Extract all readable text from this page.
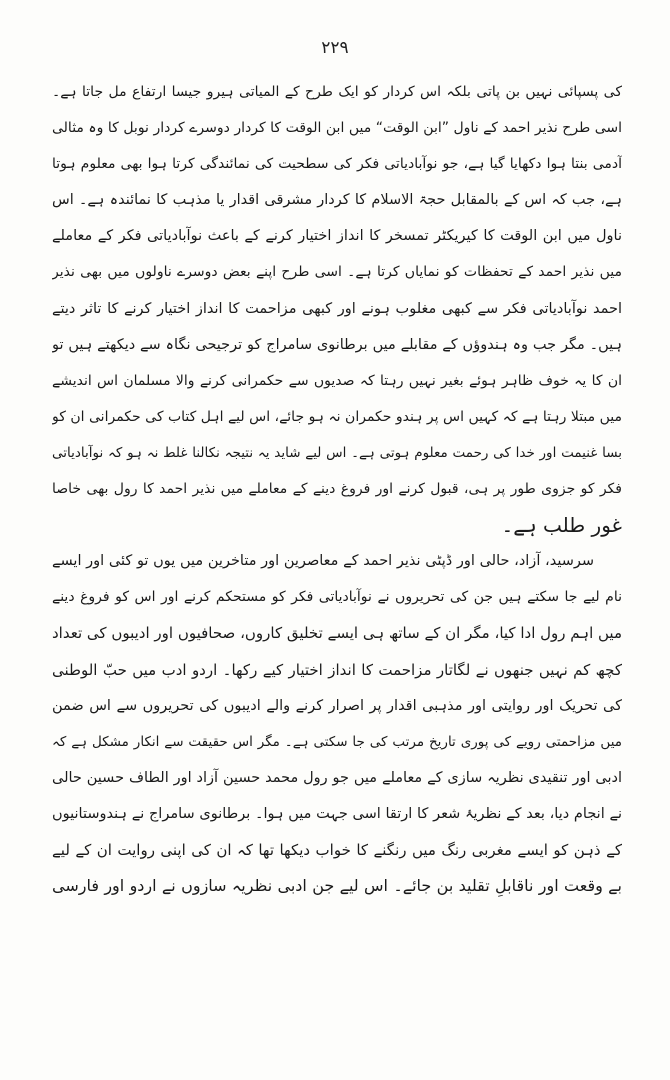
۲۲۹
کی پسپائی نہیں بن پاتی بلکہ اس کردار کو ایک طرح کے المیاتی ہیرو جیسا ارتفاع مل جاتا ہے۔
اسی طرح نذیر احمد کے ناول ”ابن الوقت“ میں ابن الوقت کا کردار دوسرے کردار نوبل کا وہ مثالی
آدمی بنتا ہوا دکھایا گیا ہے، جو نوآبادیاتی فکر کی سطحیت کی نمائندگی کرتا ہوا بھی معلوم ہوتا
ہے، جب کہ اس کے بالمقابل حجۃ الاسلام کا کردار مشرقی اقدار یا مذہب کا نمائندہ ہے۔ اس
ناول میں ابن الوقت کا کیریکٹر تمسخر کا انداز اختیار کرنے کے باعث نوآبادیاتی فکر کے معاملے
میں نذیر احمد کے تحفظات کو نمایاں کرتا ہے۔ اسی طرح اپنے بعض دوسرے ناولوں میں بھی نذیر
احمد نوآبادیاتی فکر سے کبھی مغلوب ہونے اور کبھی مزاحمت کا انداز اختیار کرنے کا تاثر دیتے
ہیں۔ مگر جب وہ ہندوؤں کے مقابلے میں برطانوی سامراج کو ترجیحی نگاہ سے دیکھتے ہیں تو
ان کا یہ خوف ظاہر ہوئے بغیر نہیں رہتا کہ صدیوں سے حکمرانی کرنے والا مسلمان اس اندیشے
میں مبتلا رہتا ہے کہ کہیں اس پر ہندو حکمران نہ ہو جائے، اس لیے اہل کتاب کی حکمرانی ان کو
بسا غنیمت اور خدا کی رحمت معلوم ہوتی ہے۔ اس لیے شاید یہ نتیجہ نکالنا غلط نہ ہو کہ نوآبادیاتی
فکر کو جزوی طور پر ہی، قبول کرنے اور فروغ دینے کے معاملے میں نذیر احمد کا رول بھی خاصا
غور طلب ہے۔
سرسید، آزاد، حالی اور ڈپٹی نذیر احمد کے معاصرین اور متاخرین میں یوں تو کئی اور ایسے
نام لیے جا سکتے ہیں جن کی تحریروں نے نوآبادیاتی فکر کو مستحکم کرنے اور اس کو فروغ دینے
میں اہم رول ادا کیا، مگر ان کے ساتھ ہی ایسے تخلیق کاروں، صحافیوں اور ادیبوں کی تعداد
کچھ کم نہیں جنھوں نے لگاتار مزاحمت کا انداز اختیار کیے رکھا۔ اردو ادب میں حبّ الوطنی
کی تحریک اور روایتی اور مذہبی اقدار پر اصرار کرنے والے ادیبوں کی تحریروں سے اس ضمن
میں مزاحمتی رویے کی پوری تاریخ مرتب کی جا سکتی ہے۔ مگر اس حقیقت سے انکار مشکل ہے کہ
ادبی اور تنقیدی نظریہ سازی کے معاملے میں جو رول محمد حسین آزاد اور الطاف حسین حالی
نے انجام دیا، بعد کے نظریۂ شعر کا ارتقا اسی جہت میں ہوا۔ برطانوی سامراج نے ہندوستانیوں
کے ذہن کو ایسے مغربی رنگ میں رنگنے کا خواب دیکھا تھا کہ ان کی اپنی روایت ان کے لیے
بے وقعت اور ناقابلِ تقلید بن جائے۔ اس لیے جن ادبی نظریہ سازوں نے اردو اور فارسی
